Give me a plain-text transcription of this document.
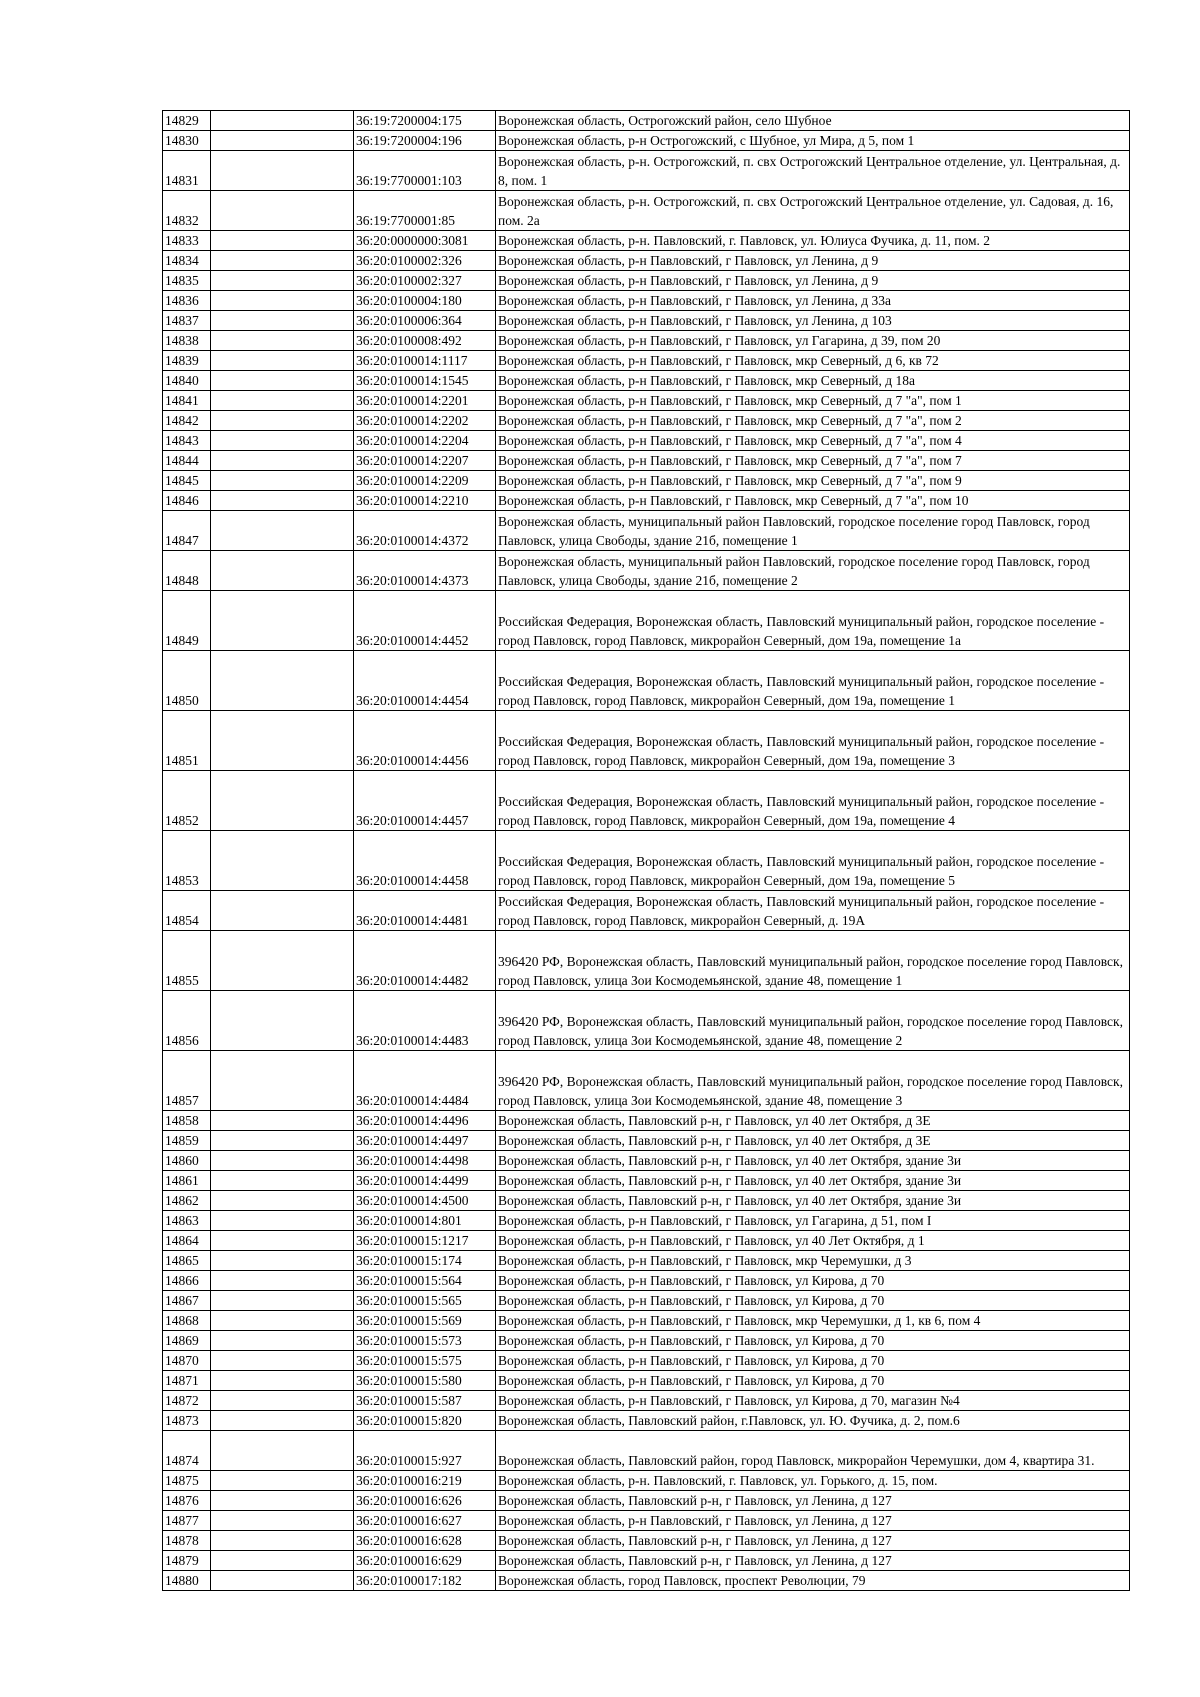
14829		36:19:7200004:175	Воронежская область, Острогожский район, село Шубное

14830		36:19:7200004:196	Воронежская область, р-н Острогожский, с Шубное, ул Мира, д 5, пом 1

14831		36:19:7700001:103	Воронежская область, р-н. Острогожский, п. свх Острогожский Центральное отделение, ул. Центральная, д. 8, пом. 1

14832		36:19:7700001:85	Воронежская область, р-н. Острогожский, п. свх Острогожский Центральное отделение, ул. Садовая, д. 16, пом. 2а

14833		36:20:0000000:3081	Воронежская область, р-н. Павловский, г. Павловск, ул. Юлиуса Фучика, д. 11, пом. 2

14834		36:20:0100002:326	Воронежская область, р-н Павловский, г Павловск, ул Ленина, д 9

14835		36:20:0100002:327	Воронежская область, р-н Павловский, г Павловск, ул Ленина, д 9

14836		36:20:0100004:180	Воронежская область, р-н Павловский, г Павловск, ул Ленина, д 33а

14837		36:20:0100006:364	Воронежская область, р-н Павловский, г Павловск, ул Ленина, д 103

14838		36:20:0100008:492	Воронежская область, р-н Павловский, г Павловск, ул Гагарина, д 39, пом 20

14839		36:20:0100014:1117	Воронежская область, р-н Павловский, г Павловск, мкр Северный, д 6, кв 72

14840		36:20:0100014:1545	Воронежская область, р-н Павловский, г Павловск, мкр Северный, д 18а

14841		36:20:0100014:2201	Воронежская область, р-н Павловский, г Павловск, мкр Северный, д 7 "а", пом 1

14842		36:20:0100014:2202	Воронежская область, р-н Павловский, г Павловск, мкр Северный, д 7 "а", пом 2

14843		36:20:0100014:2204	Воронежская область, р-н Павловский, г Павловск, мкр Северный, д 7 "а", пом 4

14844		36:20:0100014:2207	Воронежская область, р-н Павловский, г Павловск, мкр Северный, д 7 "а", пом 7

14845		36:20:0100014:2209	Воронежская область, р-н Павловский, г Павловск, мкр Северный, д 7 "а", пом 9

14846		36:20:0100014:2210	Воронежская область, р-н Павловский, г Павловск, мкр Северный, д 7 "а", пом 10

14847		36:20:0100014:4372	Воронежская область, муниципальный район Павловский, городское поселение город Павловск, город Павловск, улица Свободы, здание 21б, помещение 1

14848		36:20:0100014:4373	Воронежская область, муниципальный район Павловский, городское поселение город Павловск, город Павловск, улица Свободы, здание 21б, помещение 2

14849		36:20:0100014:4452	Российская Федерация, Воронежская область, Павловский муниципальный район, городское поселение - город Павловск, город Павловск, микрорайон Северный, дом 19а, помещение 1а

14850		36:20:0100014:4454	Российская Федерация, Воронежская область, Павловский муниципальный район, городское поселение - город Павловск, город Павловск, микрорайон Северный, дом 19а, помещение 1

14851		36:20:0100014:4456	Российская Федерация, Воронежская область, Павловский муниципальный район, городское поселение - город Павловск, город Павловск, микрорайон Северный, дом 19а, помещение 3

14852		36:20:0100014:4457	Российская Федерация, Воронежская область, Павловский муниципальный район, городское поселение - город Павловск, город Павловск, микрорайон Северный, дом 19а, помещение 4

14853		36:20:0100014:4458	Российская Федерация, Воронежская область, Павловский муниципальный район, городское поселение - город Павловск, город Павловск, микрорайон Северный, дом 19а, помещение 5

14854		36:20:0100014:4481	Российская Федерация, Воронежская область, Павловский муниципальный район, городское поселение - город Павловск, город Павловск, микрорайон Северный, д. 19А

14855		36:20:0100014:4482	396420 РФ, Воронежская область, Павловский муниципальный район, городское поселение город Павловск, город Павловск, улица Зои Космодемьянской, здание 48, помещение 1

14856		36:20:0100014:4483	396420 РФ, Воронежская область, Павловский муниципальный район, городское поселение город Павловск, город Павловск, улица Зои Космодемьянской, здание 48, помещение 2

14857		36:20:0100014:4484	396420 РФ, Воронежская область, Павловский муниципальный район, городское поселение город Павловск, город Павловск, улица Зои Космодемьянской, здание 48, помещение 3

14858		36:20:0100014:4496	Воронежская область, Павловский р-н, г Павловск, ул 40 лет Октября, д 3Е

14859		36:20:0100014:4497	Воронежская область, Павловский р-н, г Павловск, ул 40 лет Октября, д 3Е

14860		36:20:0100014:4498	Воронежская область, Павловский р-н, г Павловск, ул 40 лет Октября, здание 3и

14861		36:20:0100014:4499	Воронежская область, Павловский р-н, г Павловск, ул 40 лет Октября, здание 3и

14862		36:20:0100014:4500	Воронежская область, Павловский р-н, г Павловск, ул 40 лет Октября, здание 3и

14863		36:20:0100014:801	Воронежская область, р-н Павловский, г Павловск, ул Гагарина, д 51, пом I

14864		36:20:0100015:1217	Воронежская область, р-н Павловский, г Павловск, ул 40 Лет Октября, д 1

14865		36:20:0100015:174	Воронежская область, р-н Павловский, г Павловск, мкр Черемушки, д 3

14866		36:20:0100015:564	Воронежская область, р-н Павловский, г Павловск, ул Кирова, д 70

14867		36:20:0100015:565	Воронежская область, р-н Павловский, г Павловск, ул Кирова, д 70

14868		36:20:0100015:569	Воронежская область, р-н Павловский, г Павловск, мкр Черемушки, д 1, кв 6, пом 4

14869		36:20:0100015:573	Воронежская область, р-н Павловский, г Павловск, ул Кирова, д 70

14870		36:20:0100015:575	Воронежская область, р-н Павловский, г Павловск, ул Кирова, д 70

14871		36:20:0100015:580	Воронежская область, р-н Павловский, г Павловск, ул Кирова, д 70

14872		36:20:0100015:587	Воронежская область, р-н Павловский, г Павловск, ул Кирова, д 70, магазин №4

14873		36:20:0100015:820	Воронежская область, Павловский район, г.Павловск, ул. Ю. Фучика, д. 2, пом.6

14874		36:20:0100015:927	Воронежская область, Павловский район, город Павловск, микрорайон Черемушки, дом 4, квартира 31.

14875		36:20:0100016:219	Воронежская область, р-н. Павловский, г. Павловск, ул. Горького, д. 15, пом.

14876		36:20:0100016:626	Воронежская область, Павловский р-н, г Павловск, ул Ленина, д 127

14877		36:20:0100016:627	Воронежская область, р-н Павловский, г Павловск, ул Ленина, д 127

14878		36:20:0100016:628	Воронежская область, Павловский р-н, г Павловск, ул Ленина, д 127

14879		36:20:0100016:629	Воронежская область, Павловский р-н, г Павловск, ул Ленина, д 127

14880		36:20:0100017:182	Воронежская область, город Павловск, проспект Революции, 79
